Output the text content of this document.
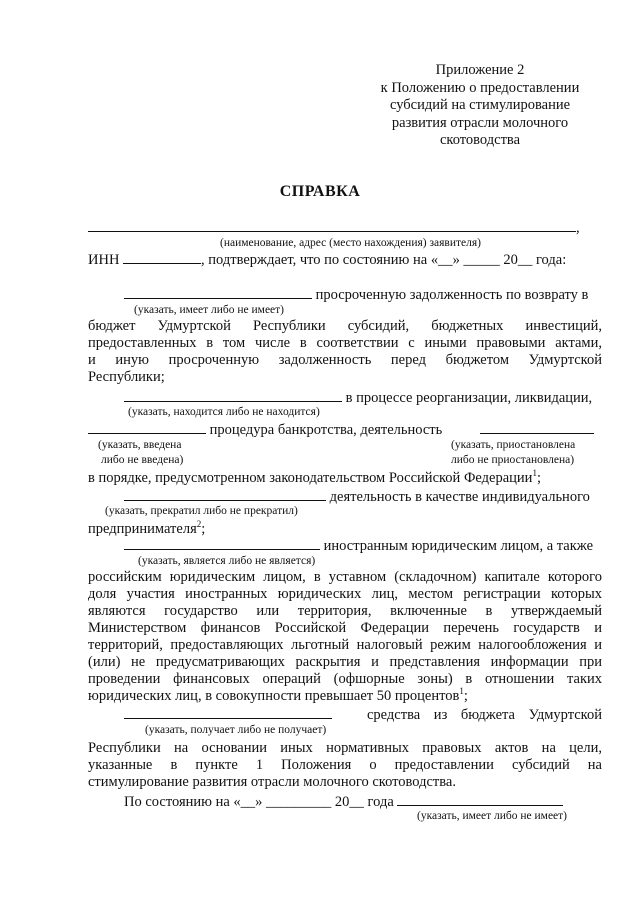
Приложение 2
к Положению о предоставлении
субсидий на стимулирование
развития отрасли молочного
скотоводства
СПРАВКА
,
(наименование, адрес (место нахождения) заявителя)
ИНН	, подтверждает, что по состоянию на «__» _____ 20__ года:
просроченную задолженность по возврату в
(указать, имеет либо не имеет)
бюджет Удмуртской Республики субсидий, бюджетных инвестиций,
предоставленных в том числе в соответствии с иными правовыми актами,
и иную просроченную задолженность перед бюджетом Удмуртской
Республики;
в процессе реорганизации, ликвидации,
(указать, находится либо не находится)
процедура банкротства, деятельность
(указать, введена
либо не введена)
(указать, приостановлена
либо не приостановлена)
в порядке, предусмотренном законодательством Российской Федерации$^1$;
деятельность в качестве индивидуального
(указать, прекратил либо не прекратил)
предпринимателя$^2$;
иностранным юридическим лицом, а также
(указать, является либо не является)
российским юридическим лицом, в уставном (складочном) капитале которого
доля участия иностранных юридических лиц, местом регистрации которых
являются государство или территория, включенные в утверждаемый
Министерством финансов Российской Федерации перечень государств и
территорий, предоставляющих льготный налоговый режим налогообложения и
(или) не предусматривающих раскрытия и представления информации при
проведении финансовых операций (офшорные зоны) в отношении таких
юридических лиц, в совокупности превышает 50 процентов$^1$;
средства из бюджета Удмуртской
(указать, получает либо не получает)
Республики на основании иных нормативных правовых актов на цели,
указанные в пункте 1 Положения о предоставлении субсидий на
стимулирование развития отрасли молочного скотоводства.
По состоянию на «__» _________ 20__ года
(указать, имеет либо не имеет)
